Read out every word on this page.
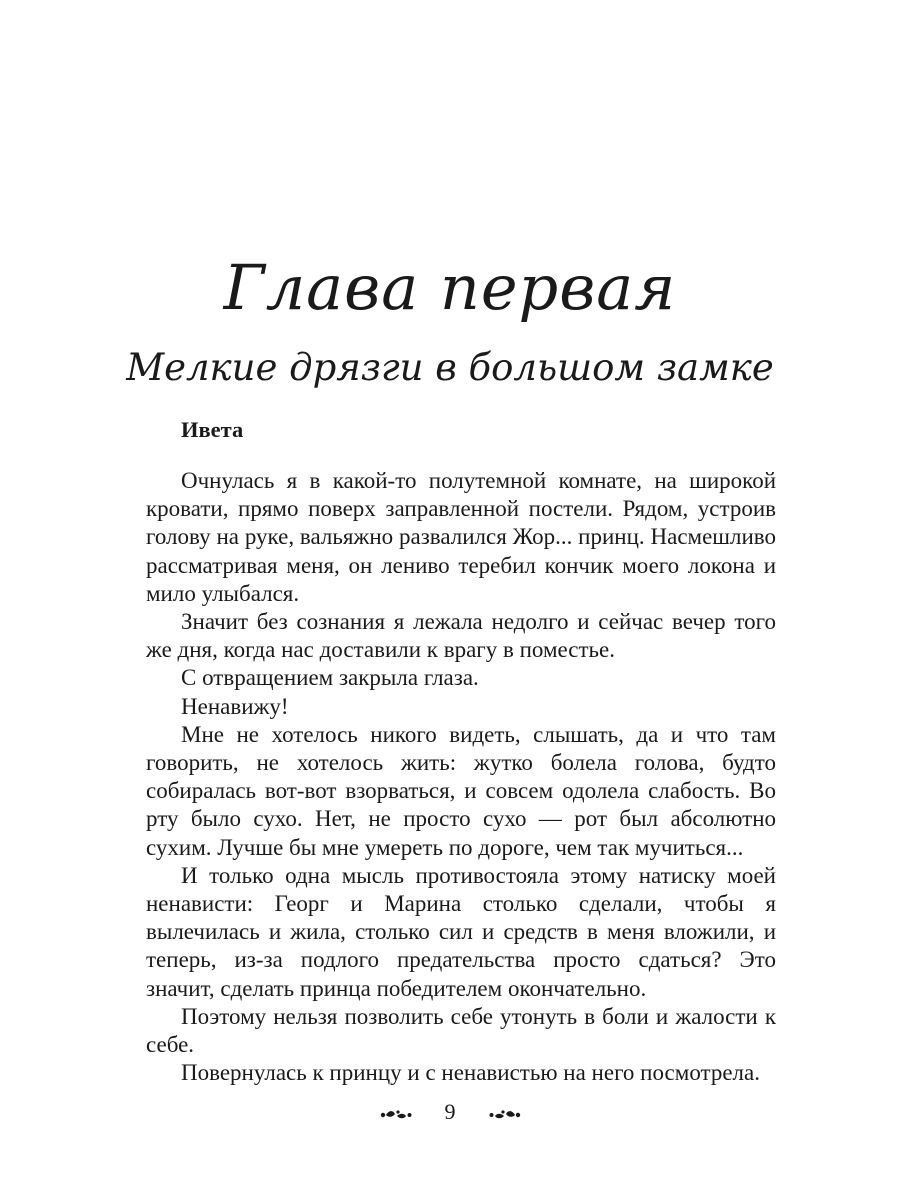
Глава первая
Мелкие дрязги в большом замке
Ивета

Очнулась я в какой-то полутемной комнате, на широкой кровати, прямо поверх заправленной постели. Рядом, устроив голову на руке, вальяжно развалился Жор... принц. Насмешливо рассматривая меня, он лениво теребил кончик моего локона и мило улыбался.

Значит без сознания я лежала недолго и сейчас вечер того же дня, когда нас доставили к врагу в поместье.

С отвращением закрыла глаза.

Ненавижу!

Мне не хотелось никого видеть, слышать, да и что там говорить, не хотелось жить: жутко болела голова, будто собиралась вот-вот взорваться, и совсем одолела слабость. Во рту было сухо. Нет, не просто сухо — рот был абсолютно сухим. Лучше бы мне умереть по дороге, чем так мучиться...

И только одна мысль противостояла этому натиску моей ненависти: Георг и Марина столько сделали, чтобы я вылечилась и жила, столько сил и средств в меня вложили, и теперь, из-за подлого предательства просто сдаться? Это значит, сделать принца победителем окончательно.

Поэтому нельзя позволить себе утонуть в боли и жалости к себе.

Повернулась к принцу и с ненавистью на него посмотрела.

9
